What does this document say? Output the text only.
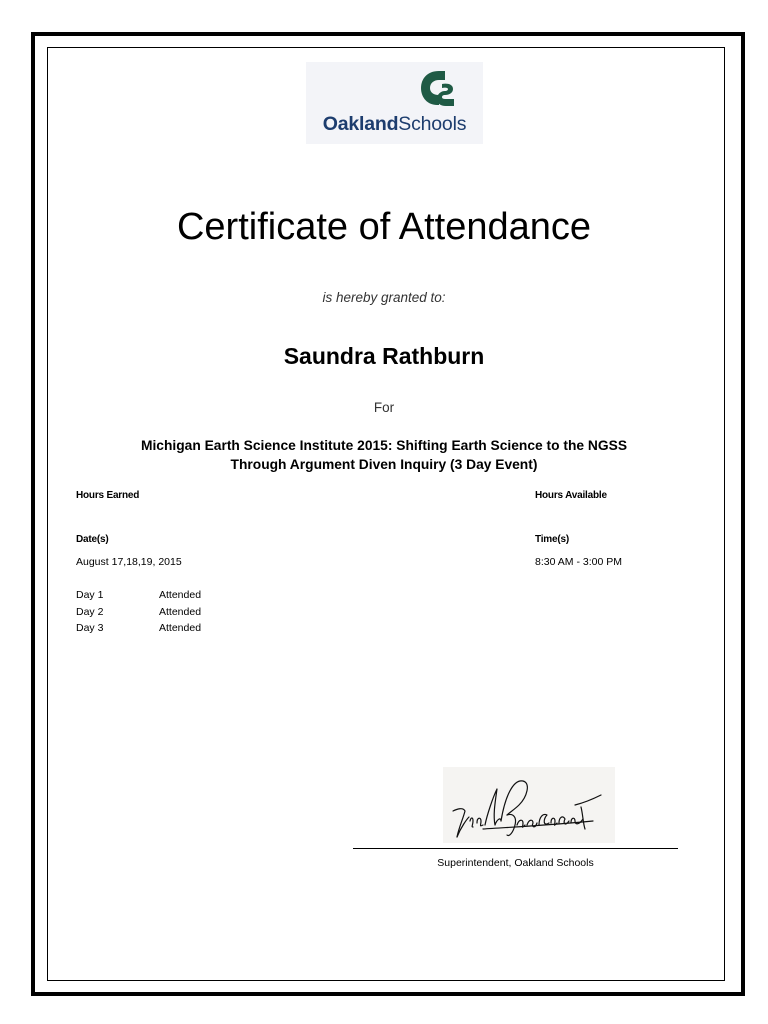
OaklandSchools
Certificate of Attendance
is hereby granted to:
Saundra Rathburn
For
Michigan Earth Science Institute 2015: Shifting Earth Science to the NGSS
Through Argument Diven Inquiry (3 Day Event)
Hours Earned	Hours Available
Date(s)	Time(s)
August 17,18,19, 2015	8:30 AM - 3:00 PM
Day 1	Attended
Day 2	Attended
Day 3	Attended
Superintendent, Oakland Schools
